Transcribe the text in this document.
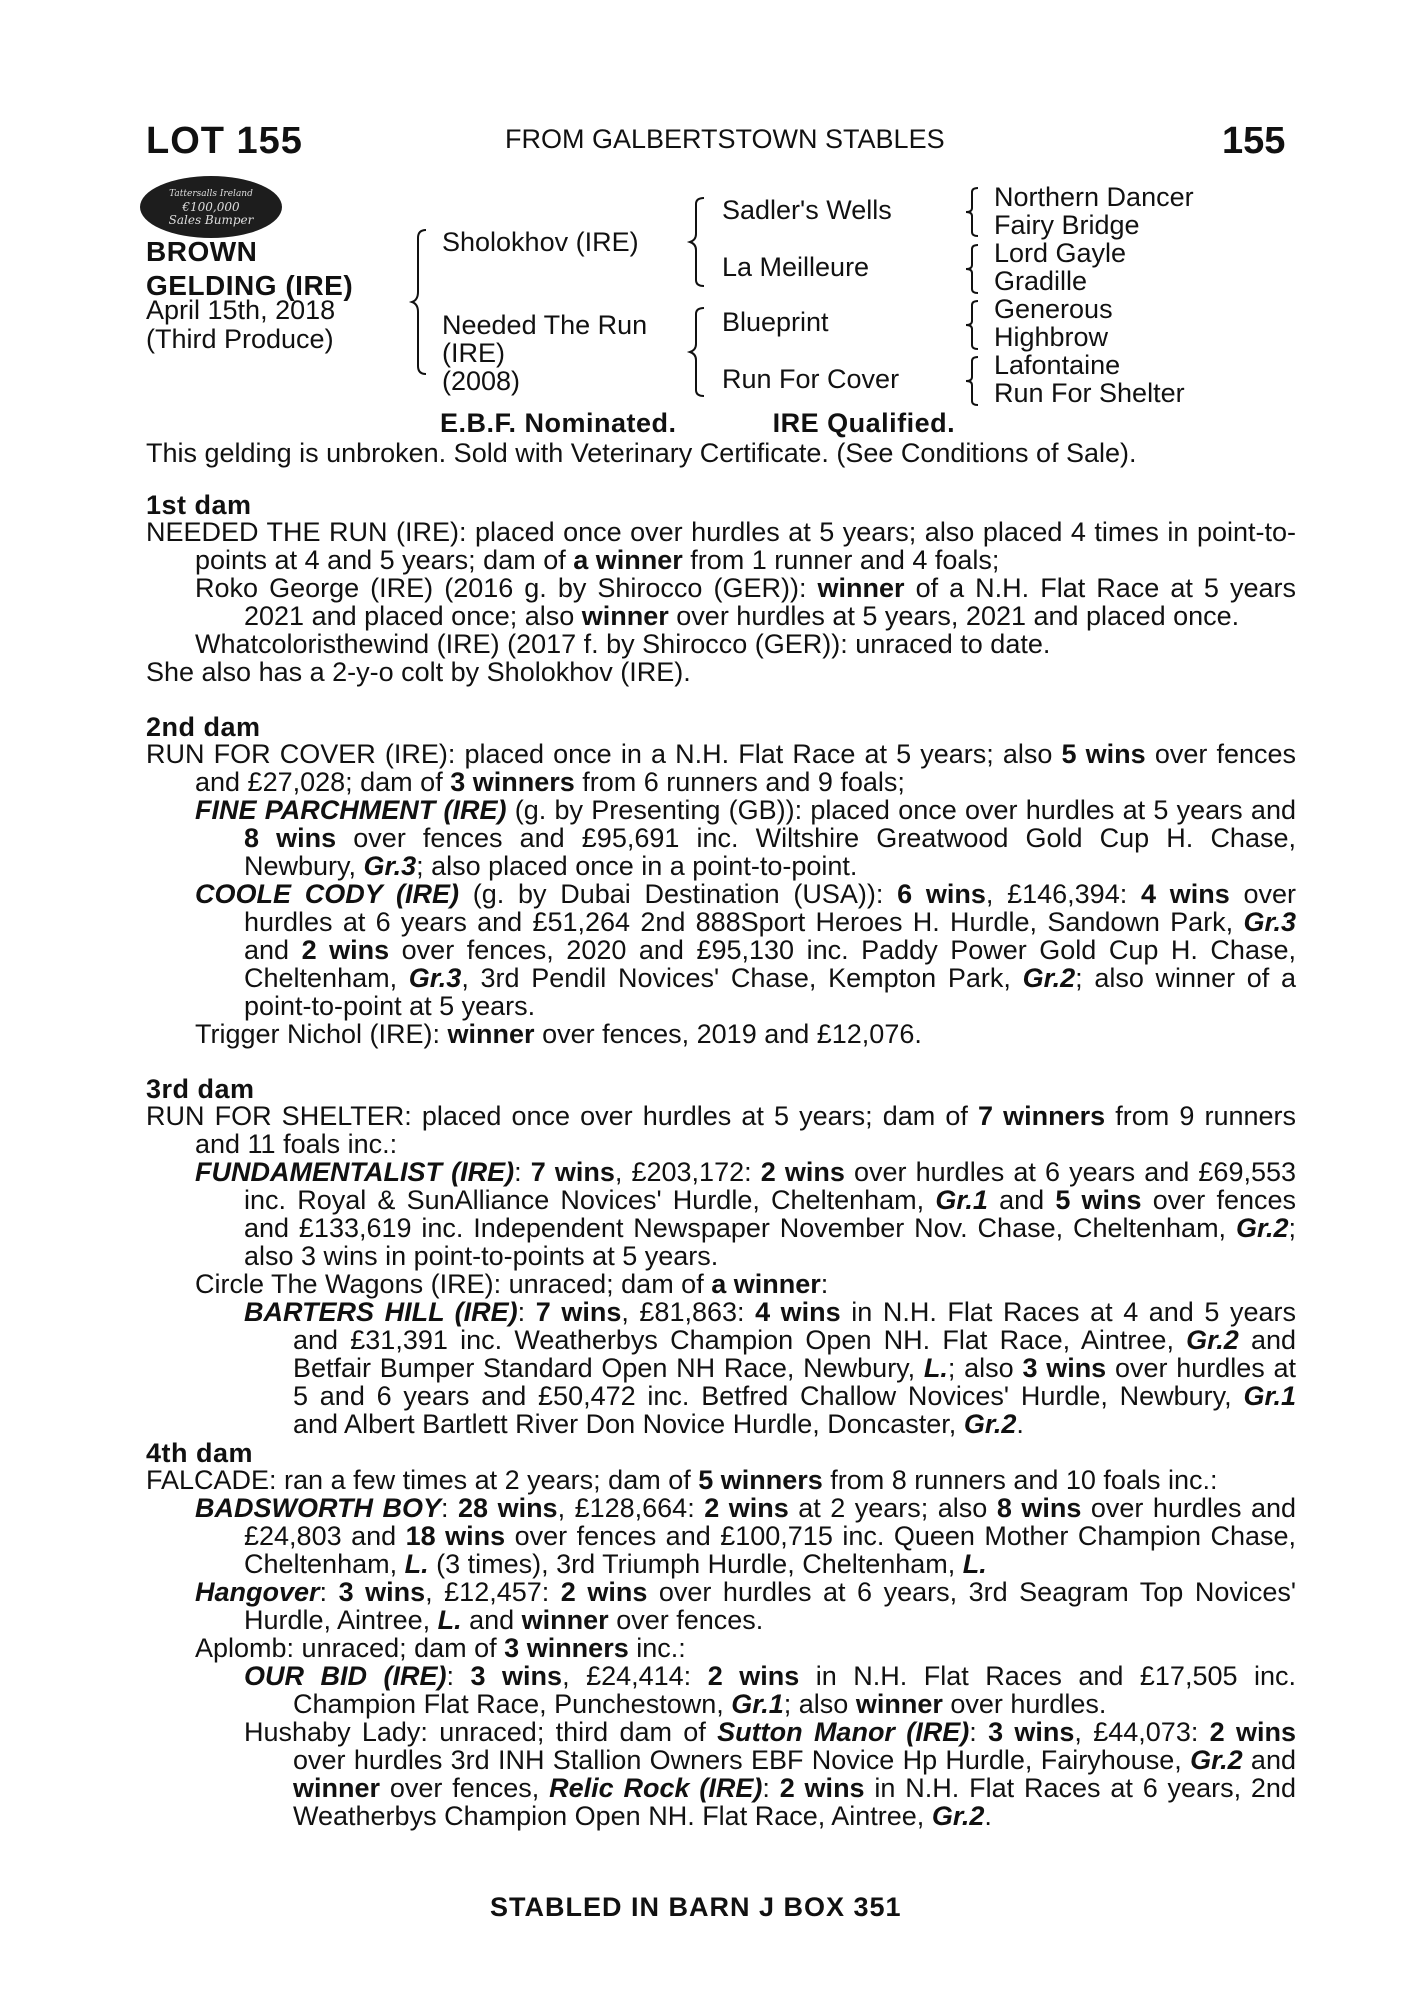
LOT 155	FROM GALBERTSTOWN STABLES	155
Tattersalls Ireland
€100,000
Sales Bumper
BROWN
GELDING (IRE)
April 15th, 2018
(Third Produce)
Sholokhov (IRE)
Needed The Run
(IRE)
(2008)
Sadler's Wells
La Meilleure
Blueprint
Run For Cover
Northern Dancer
Fairy Bridge
Lord Gayle
Gradille
Generous
Highbrow
Lafontaine
Run For Shelter
E.B.F. Nominated.	IRE Qualified.
This gelding is unbroken. Sold with Veterinary Certificate. (See Conditions of Sale).
1st dam

NEEDED THE RUN (IRE): placed once over hurdles at 5 years; also placed 4 times in point-to-points at 4 and 5 years; dam of a winner from 1 runner and 4 foals;

Roko George (IRE) (2016 g. by Shirocco (GER)): winner of a N.H. Flat Race at 5 years 2021 and placed once; also winner over hurdles at 5 years, 2021 and placed once.

Whatcoloristhewind (IRE) (2017 f. by Shirocco (GER)): unraced to date.

She also has a 2-y-o colt by Sholokhov (IRE).

2nd dam

RUN FOR COVER (IRE): placed once in a N.H. Flat Race at 5 years; also 5 wins over fences and £27,028; dam of 3 winners from 6 runners and 9 foals;

FINE PARCHMENT (IRE) (g. by Presenting (GB)): placed once over hurdles at 5 years and 8 wins over fences and £95,691 inc. Wiltshire Greatwood Gold Cup H. Chase, Newbury, Gr.3; also placed once in a point-to-point.

COOLE CODY (IRE) (g. by Dubai Destination (USA)): 6 wins, £146,394: 4 wins over hurdles at 6 years and £51,264 2nd 888Sport Heroes H. Hurdle, Sandown Park, Gr.3 and 2 wins over fences, 2020 and £95,130 inc. Paddy Power Gold Cup H. Chase, Cheltenham, Gr.3, 3rd Pendil Novices' Chase, Kempton Park, Gr.2; also winner of a point-to-point at 5 years.

Trigger Nichol (IRE): winner over fences, 2019 and £12,076.

3rd dam

RUN FOR SHELTER: placed once over hurdles at 5 years; dam of 7 winners from 9 runners and 11 foals inc.:

FUNDAMENTALIST (IRE): 7 wins, £203,172: 2 wins over hurdles at 6 years and £69,553 inc. Royal & SunAlliance Novices' Hurdle, Cheltenham, Gr.1 and 5 wins over fences and £133,619 inc. Independent Newspaper November Nov. Chase, Cheltenham, Gr.2; also 3 wins in point-to-points at 5 years.

Circle The Wagons (IRE): unraced; dam of a winner:

BARTERS HILL (IRE): 7 wins, £81,863: 4 wins in N.H. Flat Races at 4 and 5 years and £31,391 inc. Weatherbys Champion Open NH. Flat Race, Aintree, Gr.2 and Betfair Bumper Standard Open NH Race, Newbury, L.; also 3 wins over hurdles at 5 and 6 years and £50,472 inc. Betfred Challow Novices' Hurdle, Newbury, Gr.1 and Albert Bartlett River Don Novice Hurdle, Doncaster, Gr.2.

4th dam

FALCADE: ran a few times at 2 years; dam of 5 winners from 8 runners and 10 foals inc.:

BADSWORTH BOY: 28 wins, £128,664: 2 wins at 2 years; also 8 wins over hurdles and £24,803 and 18 wins over fences and £100,715 inc. Queen Mother Champion Chase, Cheltenham, L. (3 times), 3rd Triumph Hurdle, Cheltenham, L.

Hangover: 3 wins, £12,457: 2 wins over hurdles at 6 years, 3rd Seagram Top Novices' Hurdle, Aintree, L. and winner over fences.

Aplomb: unraced; dam of 3 winners inc.:

OUR BID (IRE): 3 wins, £24,414: 2 wins in N.H. Flat Races and £17,505 inc. Champion Flat Race, Punchestown, Gr.1; also winner over hurdles.

Hushaby Lady: unraced; third dam of Sutton Manor (IRE): 3 wins, £44,073: 2 wins over hurdles 3rd INH Stallion Owners EBF Novice Hp Hurdle, Fairyhouse, Gr.2 and winner over fences, Relic Rock (IRE): 2 wins in N.H. Flat Races at 6 years, 2nd Weatherbys Champion Open NH. Flat Race, Aintree, Gr.2.

STABLED IN BARN J BOX 351
